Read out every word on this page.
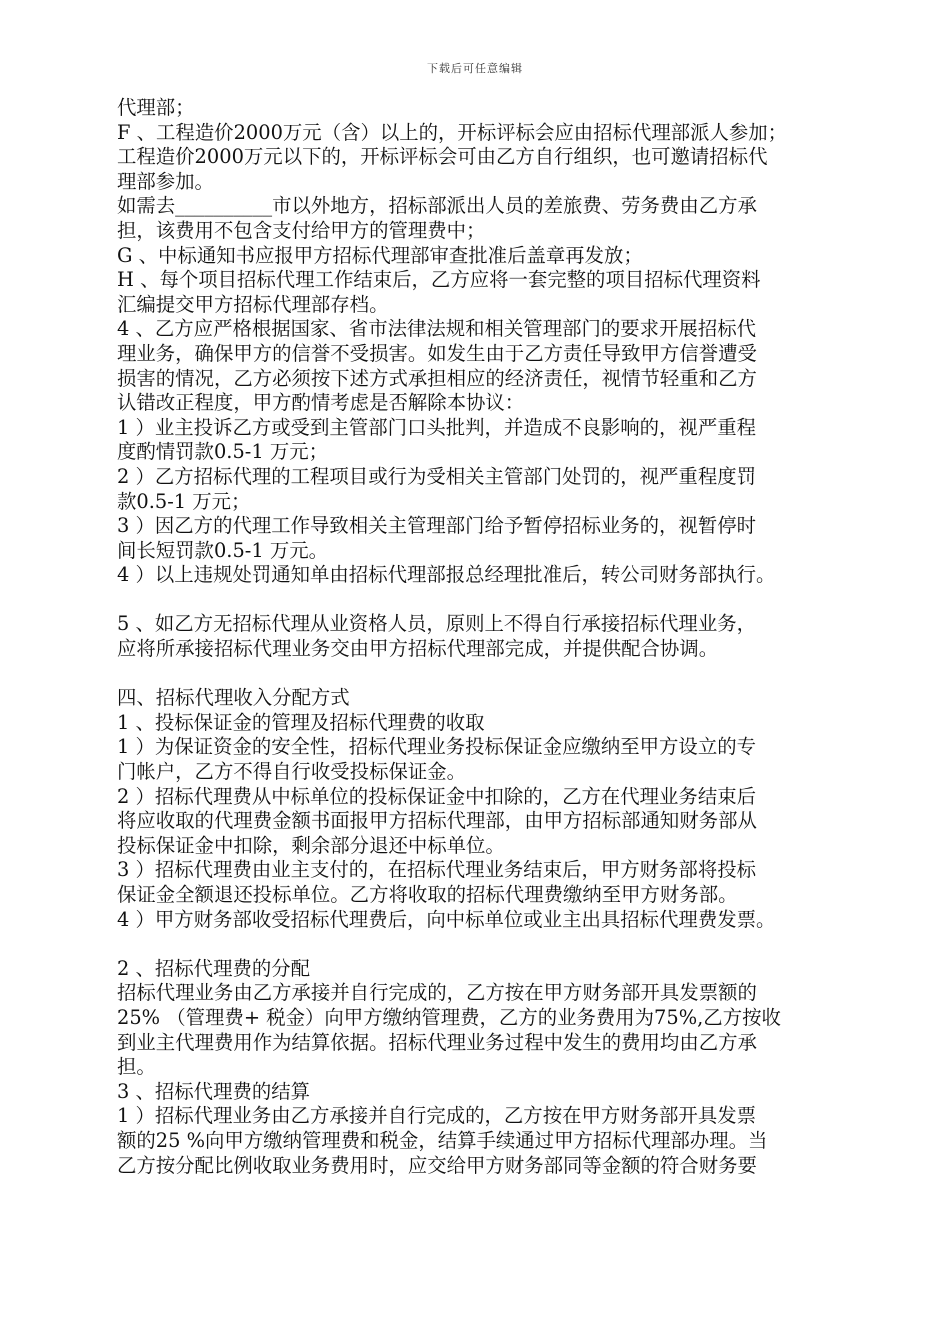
下载后可任意编辑
代理部；
F 、工程造价2000万元（含）以上的，开标评标会应由招标代理部派人参加；
工程造价2000万元以下的，开标评标会可由乙方自行组织，也可邀请招标代
理部参加。
如需去__________市以外地方，招标部派出人员的差旅费、劳务费由乙方承
担，该费用不包含支付给甲方的管理费中；
G 、中标通知书应报甲方招标代理部审查批准后盖章再发放；
H 、每个项目招标代理工作结束后，乙方应将一套完整的项目招标代理资料
汇编提交甲方招标代理部存档。
4 、乙方应严格根据国家、省市法律法规和相关管理部门的要求开展招标代
理业务，确保甲方的信誉不受损害。如发生由于乙方责任导致甲方信誉遭受
损害的情况，乙方必须按下述方式承担相应的经济责任，视情节轻重和乙方
认错改正程度，甲方酌情考虑是否解除本协议：
1 ）业主投诉乙方或受到主管部门口头批判，并造成不良影响的，视严重程
度酌情罚款0.5-1 万元；
2 ）乙方招标代理的工程项目或行为受相关主管部门处罚的，视严重程度罚
款0.5-1 万元；
3 ）因乙方的代理工作导致相关主管理部门给予暂停招标业务的，视暂停时
间长短罚款0.5-1 万元。
4 ）以上违规处罚通知单由招标代理部报总经理批准后，转公司财务部执行。
5 、如乙方无招标代理从业资格人员，原则上不得自行承接招标代理业务，
应将所承接招标代理业务交由甲方招标代理部完成，并提供配合协调。
四、招标代理收入分配方式
1 、投标保证金的管理及招标代理费的收取
1 ）为保证资金的安全性，招标代理业务投标保证金应缴纳至甲方设立的专
门帐户，乙方不得自行收受投标保证金。
2 ）招标代理费从中标单位的投标保证金中扣除的，乙方在代理业务结束后
将应收取的代理费金额书面报甲方招标代理部，由甲方招标部通知财务部从
投标保证金中扣除，剩余部分退还中标单位。
3 ）招标代理费由业主支付的，在招标代理业务结束后，甲方财务部将投标
保证金全额退还投标单位。乙方将收取的招标代理费缴纳至甲方财务部。
4 ）甲方财务部收受招标代理费后，向中标单位或业主出具招标代理费发票。
2 、招标代理费的分配
招标代理业务由乙方承接并自行完成的，乙方按在甲方财务部开具发票额的
25% （管理费+ 税金）向甲方缴纳管理费，乙方的业务费用为75%,乙方按收
到业主代理费用作为结算依据。招标代理业务过程中发生的费用均由乙方承
担。
3 、招标代理费的结算
1 ）招标代理业务由乙方承接并自行完成的，乙方按在甲方财务部开具发票
额的25 %向甲方缴纳管理费和税金，结算手续通过甲方招标代理部办理。当
乙方按分配比例收取业务费用时，应交给甲方财务部同等金额的符合财务要
